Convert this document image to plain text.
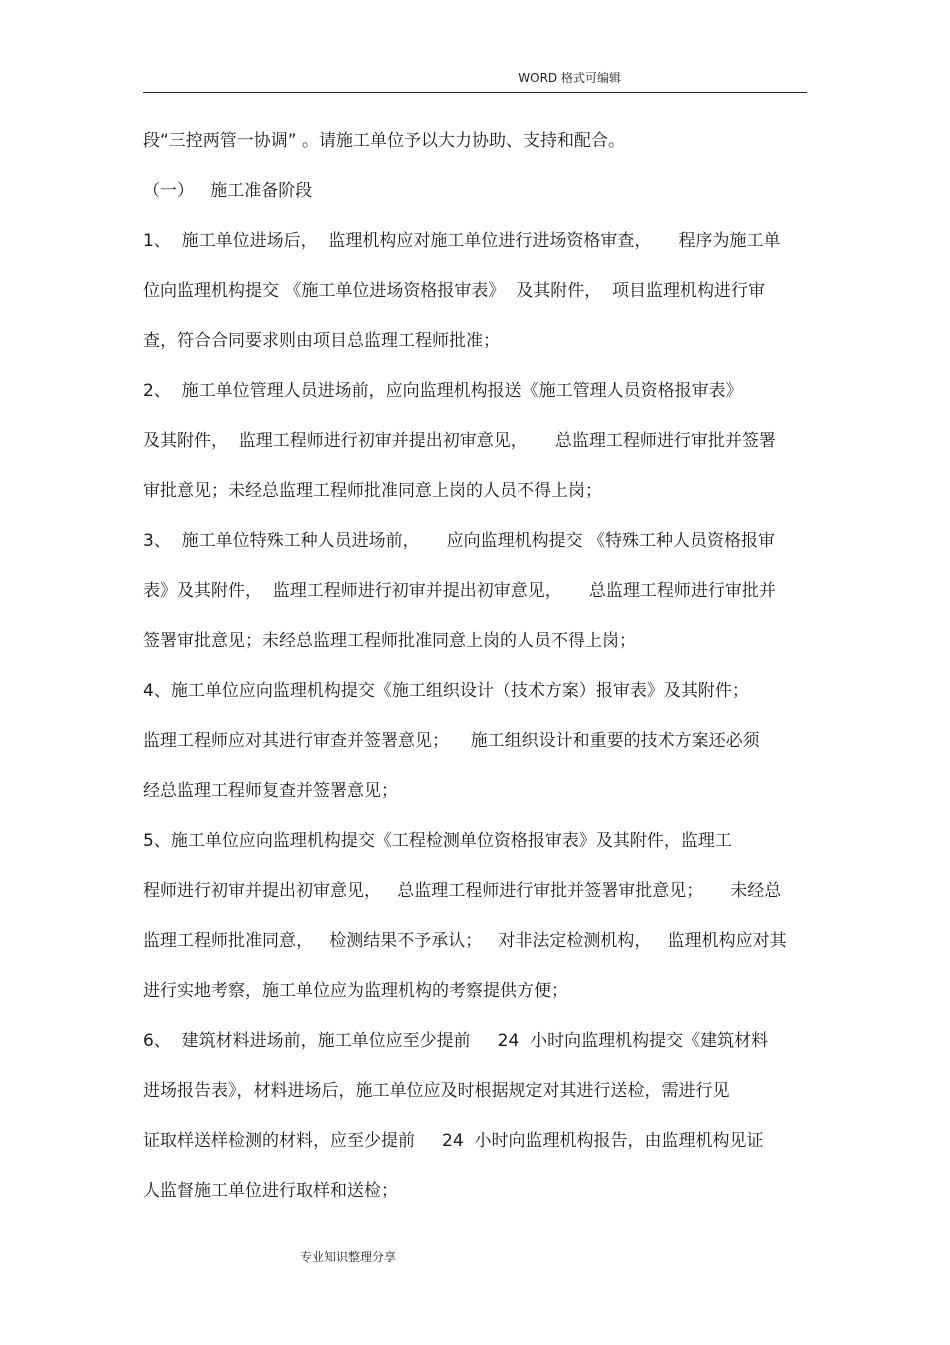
WORD 格式可编辑
段“三控两管一协调” 。请施工单位予以大力协助、支持和配合。
（一）   施工准备阶段
1、  施工单位进场后，  监理机构应对施工单位进行进场资格审查，     程序为施工单
位向监理机构提交 《施工单位进场资格报审表》  及其附件，  项目监理机构进行审
查，符合合同要求则由项目总监理工程师批准；
2、  施工单位管理人员进场前，应向监理机构报送《施工管理人员资格报审表》
及其附件，  监理工程师进行初审并提出初审意见，     总监理工程师进行审批并签署
审批意见；未经总监理工程师批准同意上岗的人员不得上岗；
3、  施工单位特殊工种人员进场前，     应向监理机构提交 《特殊工种人员资格报审
表》及其附件，  监理工程师进行初审并提出初审意见，     总监理工程师进行审批并
签署审批意见；未经总监理工程师批准同意上岗的人员不得上岗；
4、施工单位应向监理机构提交《施工组织设计（技术方案）报审表》及其附件；
监理工程师应对其进行审查并签署意见；    施工组织设计和重要的技术方案还必须
经总监理工程师复查并签署意见；
5、施工单位应向监理机构提交《工程检测单位资格报审表》及其附件，监理工
程师进行初审并提出初审意见，   总监理工程师进行审批并签署审批意见；     未经总
监理工程师批准同意，   检测结果不予承认；   对非法定检测机构，   监理机构应对其
进行实地考察，施工单位应为监理机构的考察提供方便；
6、  建筑材料进场前，施工单位应至少提前     24  小时向监理机构提交《建筑材料
进场报告表》，材料进场后，施工单位应及时根据规定对其进行送检，需进行见
证取样送样检测的材料，应至少提前     24  小时向监理机构报告，由监理机构见证
人监督施工单位进行取样和送检；
专业知识整理分享
